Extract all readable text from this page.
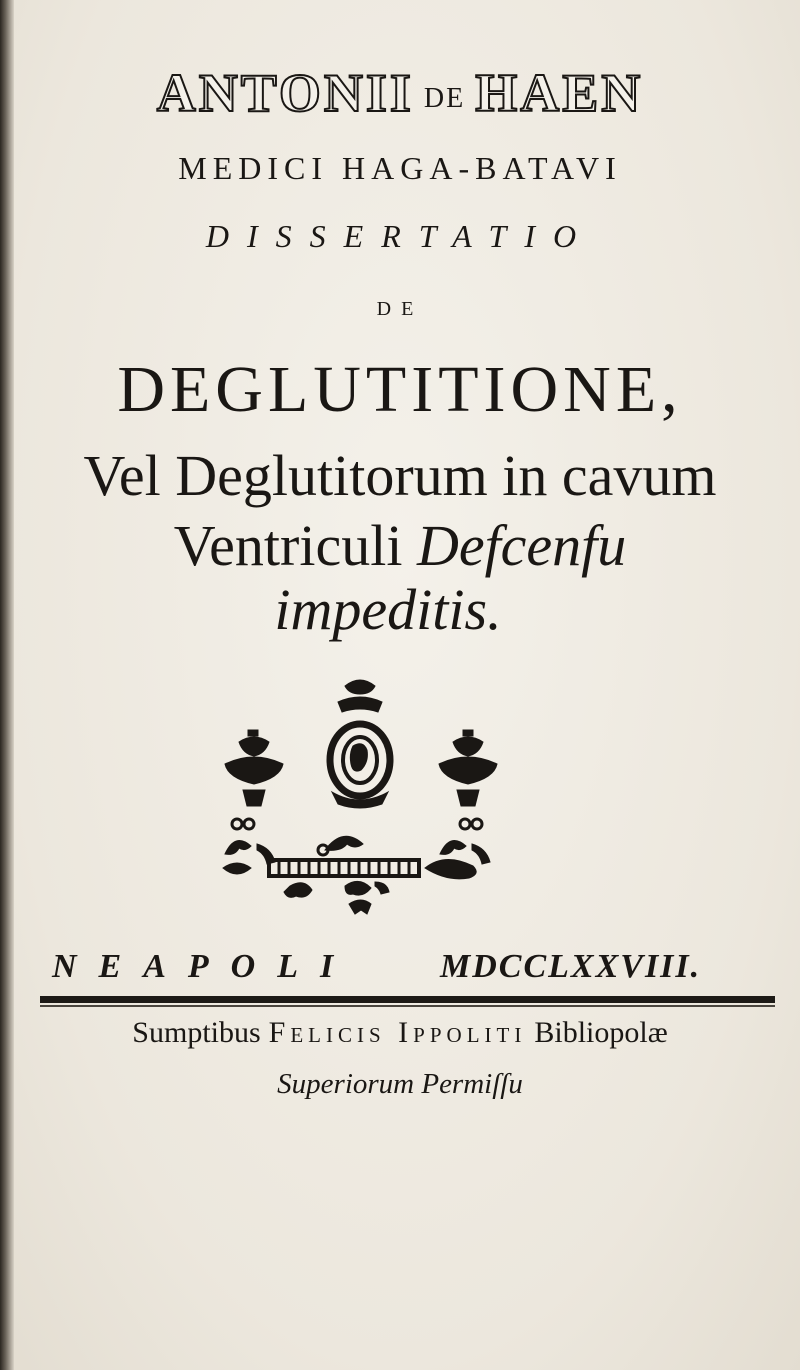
ANTONII DE HAEN
MEDICI HAGA-BATAVI
DISSERTATIO
DE
DEGLUTITIONE,
Vel Deglutitorum in cavum
Ventriculi Defcenfu
impeditis.
NEAPOLI MDCCLXXVIII.
Sumptibus Felicis Ippoliti Bibliopolæ
Superiorum Permiſſu
